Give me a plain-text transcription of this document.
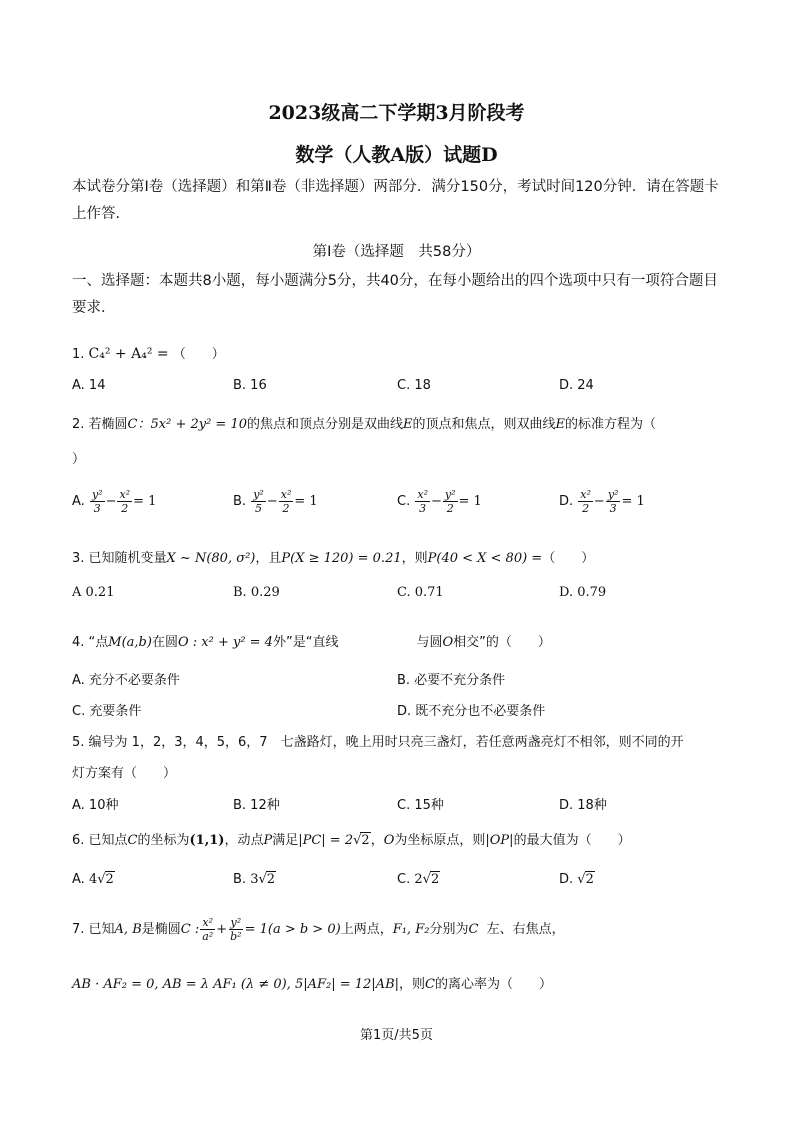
2023级高二下学期3月阶段考
数学（人教A版）试题D
本试卷分第Ⅰ卷（选择题）和第Ⅱ卷（非选择题）两部分．满分150分，考试时间120分钟．请在答题卡上作答．
第Ⅰ卷（选择题　共58分）
一、选择题：本题共8小题，每小题满分5分，共40分，在每小题给出的四个选项中只有一项符合题目要求．
1. C₄² + A₄² = （　　）
A. 14	B. 16	C. 18	D. 24
2. 若椭圆C：5x² + 2y² = 10的焦点和顶点分别是双曲线E的顶点和焦点，则双曲线E的标准方程为（
）
A. $\frac{\text{y²}}{3} - \frac{\text{x²}}{2} = 1$	B. $\frac{\text{y²}}{5} - \frac{\text{x²}}{2} = 1$	C. $\frac{\text{x²}}{3} - \frac{\text{y²}}{2} = 1$	D. $\frac{\text{x²}}{2} - \frac{\text{y²}}{3} = 1$
3. 已知随机变量X ~ N(80, σ²)，且P(X ≥ 120) = 0.21，则P(40 < X < 80) =（　　）
A 0.21	B. 0.29	C. 0.71	D. 0.79
4. “点M(a,b)在圆O : x² + y² = 4外”是“直线	与圆O相交”的（　　）
A. 充分不必要条件	B. 必要不充分条件
C. 充要条件	D. 既不充分也不必要条件
5. 编号为 1，2，3，4，5，6，7　七盏路灯，晚上用时只亮三盏灯，若任意两盏亮灯不相邻，则不同的开
灯方案有（　　）
A. 10种	B. 12种	C. 15种	D. 18种
6. 已知点C的坐标为(1,1)，动点P满足|PC| = 2√2，O为坐标原点，则|OP|的最大值为（　　）
A. 4√2	B. 3√2	C. 2√2	D. √2
7. 已知A, B是椭圆C : $\frac{\text{x²}}{\text{a²}} + \frac{\text{y²}}{\text{b²}} = 1(a > b > 0)$上两点，F₁, F₂分别为C 左、右焦点，
AB · AF₂ = 0, AB = λ AF₁ (λ ≠ 0), 5|AF₂| = 12|AB|，则C的离心率为（　　）
第1页/共5页
